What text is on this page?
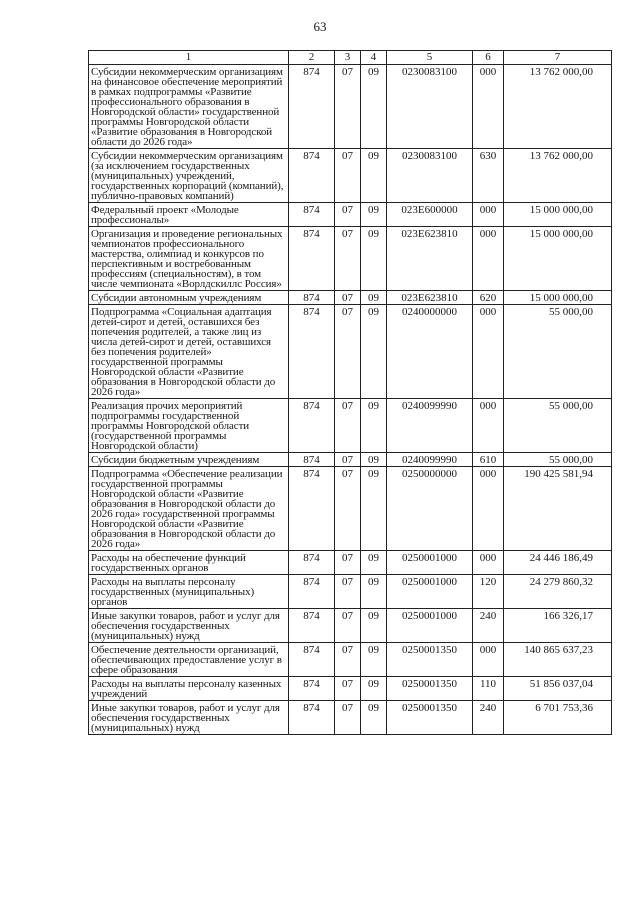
63
1	2	3	4	5	6	7
Субсидии некоммерческим организациям на финансовое обеспечение мероприятий в рамках подпрограммы «Развитие профессионального образования в Новгородской области» государственной программы Новгородской области «Развитие образования в Новгородской области до 2026 года»	874	07	09	0230083100	000	13 762 000,00
Субсидии некоммерческим организациям (за исключением государственных (муниципальных) учреждений, государственных корпораций (компаний), публично-правовых компаний)	874	07	09	0230083100	630	13 762 000,00
Федеральный проект «Молодые профессионалы»	874	07	09	023E600000	000	15 000 000,00
Организация и проведение региональных чемпионатов профессионального мастерства, олимпиад и конкурсов по перспективным и востребованным профессиям (специальностям), в том числе чемпионата «Ворлдскиллс Россия»	874	07	09	023E623810	000	15 000 000,00
Субсидии автономным учреждениям	874	07	09	023E623810	620	15 000 000,00
Подпрограмма «Социальная адаптация детей-сирот и детей, оставшихся без попечения родителей, а также лиц из числа детей-сирот и детей, оставшихся без попечения родителей» государственной программы Новгородской области «Развитие образования в Новгородской области до 2026 года»	874	07	09	0240000000	000	55 000,00
Реализация прочих мероприятий подпрограммы государственной программы Новгородской области (государственной программы Новгородской области)	874	07	09	0240099990	000	55 000,00
Субсидии бюджетным учреждениям	874	07	09	0240099990	610	55 000,00
Подпрограмма «Обеспечение реализации государственной программы Новгородской области «Развитие образования в Новгородской области до 2026 года» государственной программы Новгородской области «Развитие образования в Новгородской области до 2026 года»	874	07	09	0250000000	000	190 425 581,94
Расходы на обеспечение функций государственных органов	874	07	09	0250001000	000	24 446 186,49
Расходы на выплаты персоналу государственных (муниципальных) органов	874	07	09	0250001000	120	24 279 860,32
Иные закупки товаров, работ и услуг для обеспечения государственных (муниципальных) нужд	874	07	09	0250001000	240	166 326,17
Обеспечение деятельности организаций, обеспечивающих предоставление услуг в сфере образования	874	07	09	0250001350	000	140 865 637,23
Расходы на выплаты персоналу казенных учреждений	874	07	09	0250001350	110	51 856 037,04
Иные закупки товаров, работ и услуг для обеспечения государственных (муниципальных) нужд	874	07	09	0250001350	240	6 701 753,36
